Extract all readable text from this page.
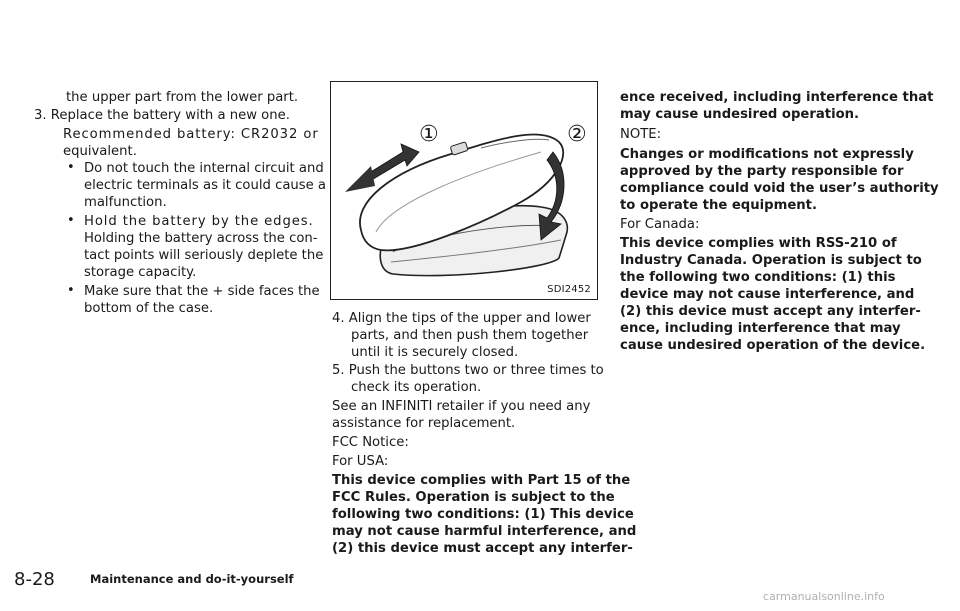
the upper part from the lower part.

3. Replace the battery with a new one.

Recommended battery: CR2032 or

equivalent.

• Do not touch the internal circuit and

electric terminals as it could cause a

malfunction.

• Hold the battery by the edges.

Holding the battery across the con-

tact points will seriously deplete the

storage capacity.

• Make sure that the + side faces the

bottom of the case.

①	②
SDI2452

4. Align the tips of the upper and lower

parts, and then push them together

until it is securely closed.

5. Push the buttons two or three times to

check its operation.

See an INFINITI retailer if you need any

assistance for replacement.

FCC Notice:

For USA:

This device complies with Part 15 of the

FCC Rules. Operation is subject to the

following two conditions: (1) This device

may not cause harmful interference, and

(2) this device must accept any interfer-

ence received, including interference that

may cause undesired operation.

NOTE:

Changes or modifications not expressly

approved by the party responsible for

compliance could void the user’s authority

to operate the equipment.

For Canada:

This device complies with RSS-210 of

Industry Canada. Operation is subject to

the following two conditions: (1) this

device may not cause interference, and

(2) this device must accept any interfer-

ence, including interference that may

cause undesired operation of the device.

8-28	Maintenance and do-it-yourself
carmanualsonline.info
